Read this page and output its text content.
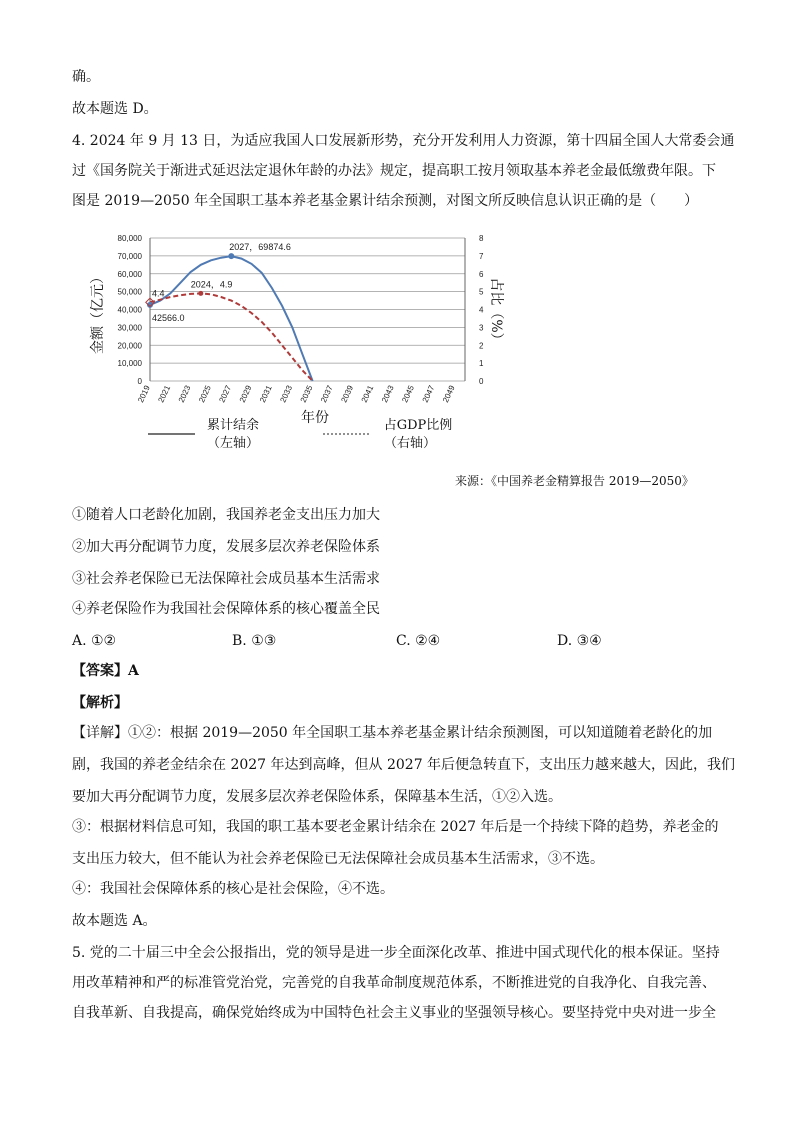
确。
故本题选 D。
4. 2024 年 9 月 13 日，为适应我国人口发展新形势，充分开发利用人力资源，第十四届全国人大常委会通
过《国务院关于渐进式延迟法定退休年龄的办法》规定，提高职工按月领取基本养老金最低缴费年限。下
图是 2019—2050 年全国职工基本养老基金累计结余预测，对图文所反映信息认识正确的是（　　）
0
10,000
20,000
30,000
40,000
50,000
60,000
70,000
80,000
0
1
2
3
4
5
6
7
8
2019 2021 2023 2025 2027 2029 2031 2033 2035 2037 2039 2041 2043 2045 2047 2049
年份
金额（亿元）	占比（%）
2027，69874.6
2024，4.9
4.4
42566.0
累计结余
（左轴）
占GDP比例
（右轴）
来源：《中国养老金精算报告 2019—2050》
①随着人口老龄化加剧，我国养老金支出压力加大
②加大再分配调节力度，发展多层次养老保险体系
③社会养老保险已无法保障社会成员基本生活需求
④养老保险作为我国社会保障体系的核心覆盖全民
A. ①②	B. ①③	C. ②④	D. ③④
【答案】A
【解析】
【详解】①②：根据 2019—2050 年全国职工基本养老基金累计结余预测图，可以知道随着老龄化的加
剧，我国的养老金结余在 2027 年达到高峰，但从 2027 年后便急转直下，支出压力越来越大，因此，我们
要加大再分配调节力度，发展多层次养老保险体系，保障基本生活，①②入选。
③：根据材料信息可知，我国的职工基本要老金累计结余在 2027 年后是一个持续下降的趋势，养老金的
支出压力较大，但不能认为社会养老保险已无法保障社会成员基本生活需求，③不选。
④：我国社会保障体系的核心是社会保险，④不选。
故本题选 A。
5. 党的二十届三中全会公报指出，党的领导是进一步全面深化改革、推进中国式现代化的根本保证。坚持
用改革精神和严的标准管党治党，完善党的自我革命制度规范体系，不断推进党的自我净化、自我完善、
自我革新、自我提高，确保党始终成为中国特色社会主义事业的坚强领导核心。要坚持党中央对进一步全
